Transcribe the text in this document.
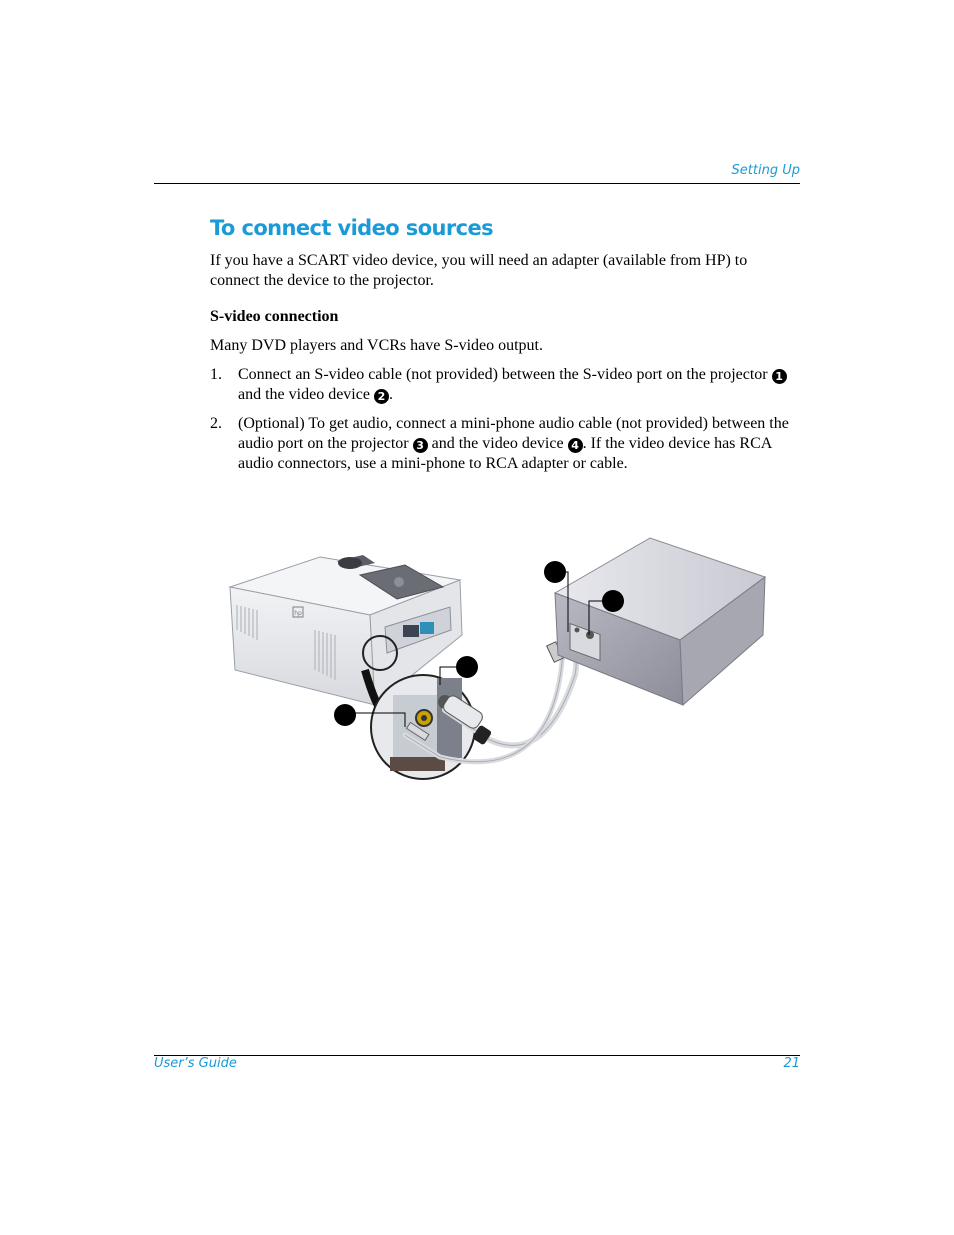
Setting Up
To connect video sources

If you have a SCART video device, you will need an adapter (available from HP) to connect the device to the projector.

S-video connection

Many DVD players and VCRs have S-video output.

1. Connect an S-video cable (not provided) between the S-video port on the projector 1 and the video device 2 .
2. (Optional) To get audio, connect a mini-phone audio cable (not provided) between the audio port on the projector 3 and the video device 4 . If the video device has RCA audio connectors, use a mini-phone to RCA adapter or cable.
hp
User’s Guide	21
